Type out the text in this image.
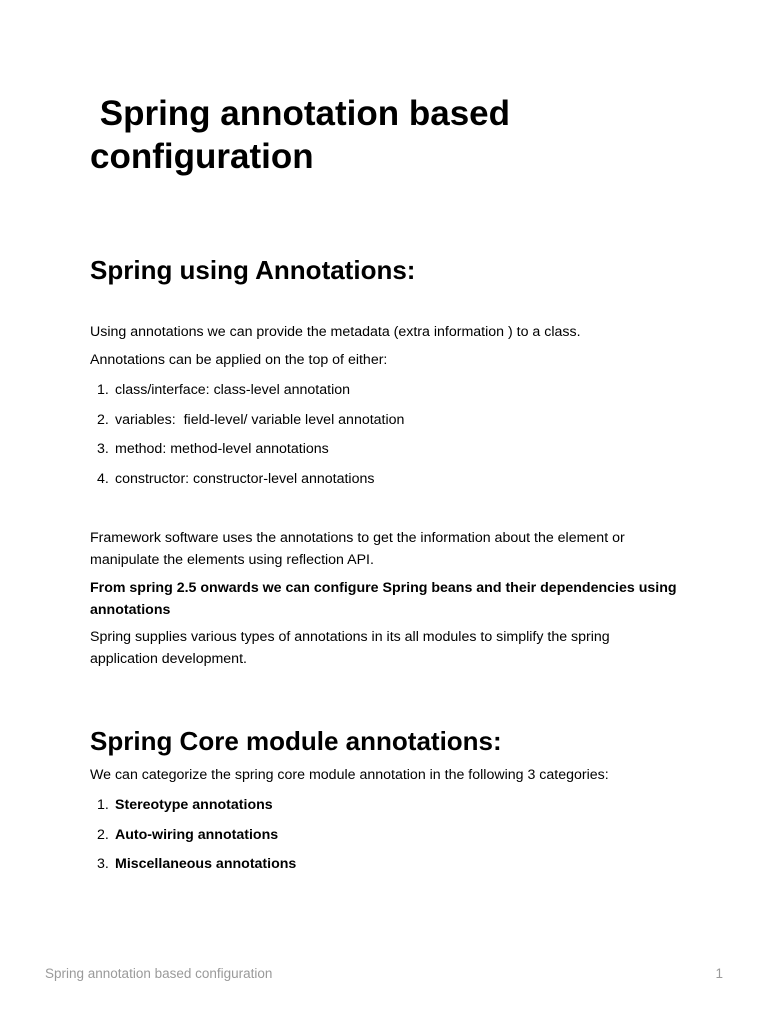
Spring annotation based configuration
Spring using Annotations:

Using annotations we can provide the metadata (extra information ) to a class.

Annotations can be applied on the top of either:

1. class/interface: class-level annotation
2. variables:  field-level/ variable level annotation
3. method: method-level annotations
4. constructor: constructor-level annotations

Framework software uses the annotations to get the information about the element or manipulate the elements using reflection API.

From spring 2.5 onwards we can configure Spring beans and their dependencies using annotations

Spring supplies various types of annotations in its all modules to simplify the spring application development.

Spring Core module annotations:

We can categorize the spring core module annotation in the following 3 categories:

1. Stereotype annotations
2. Auto-wiring annotations
3. Miscellaneous annotations
Spring annotation based configuration	1
